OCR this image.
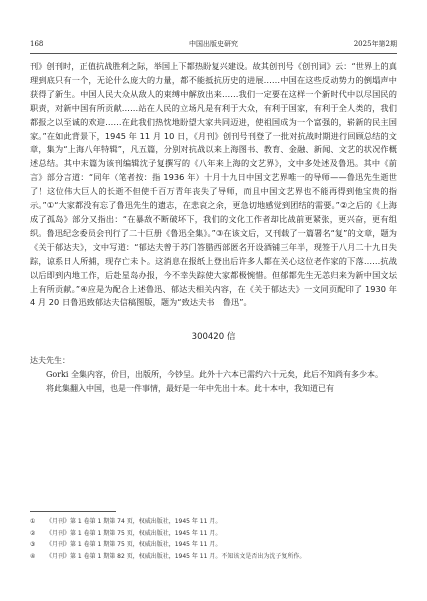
168	中国出版史研究	2025年第2期

刊》创刊时，正值抗战胜利之际，举国上下都热盼复兴建设。故其创刊号《创刊词》云：“世界上的真理到底只有一个，无论什么庞大的力量，都不能抵抗历史的进展……中国在这些反动势力的倒塌声中获得了新生。中国人民大众从敌人的束缚中解放出来……我们一定要在这样一个新时代中以尽国民的职责，对新中国有所贡献……站在人民的立场凡是有利于大众，有利于国家，有利于全人类的，我们都报之以至诚的欢迎……在此我们热忱地盼望大家共同迈进，使祖国成为一个富强的，崭新的民主国家。”在如此背景下，1945 年 11 月 10 日，《月刊》创刊号刊登了一批对抗战时期进行回顾总结的文章，集为“上海八年特辑”，凡五篇，分别对抗战以来上海图书、教育、金融、新闻、文艺的状况作概述总结。其中末篇为该刊编辑沈子复撰写的《八年来上海的文艺界》，文中多处述及鲁迅。其中《前言》部分言道：“同年（笔者按：指 1936 年）十月十九日中国文艺界唯一的导师——鲁迅先生逝世了！这位伟大巨人的长逝不但使千百万青年丧失了导师，而且中国文艺界也不能再得到他宝贵的指示。”①“大家都没有忘了鲁迅先生的遗志，在悲哀之余，更急切地感觉到团结的需要。”②之后的《上海成了孤岛》部分又指出：“在暴敌不断破坏下，我们的文化工作者却比战前更紧张，更兴奋，更有组织。鲁迅纪念委员会刊行了二十巨册《鲁迅全集》。”③在该文后，又刊载了一篇署名“复”的文章，题为《关于郁达夫》，文中写道：“郁达夫曾于苏门答腊西部匿名开设酒铺三年半，现签于八月二十九日失踪，谅系日人所捕，现存亡未卜。这消息在报纸上登出后许多人都在关心这位老作家的下落……抗战以后即到内地工作，后赴星岛办报，今不幸失踪使大家都极惋惜。但郁都先生无恙归来为新中国文坛上有所贡献。”④应是为配合上述鲁迅、郁达夫相关内容，在《关于郁达夫》一文同页配印了 1930 年 4 月 20 日鲁迅致郁达夫信稿图版，题为“致达夫书　鲁迅”。

300420 信

达夫先生：

Gorki 全集内容，价目，出版所，今钞呈。此外十六本已需约六十元矣，此后不知尚有多少本。

将此集翻入中国，也是一件事情，最好是一年中先出十本。此十本中，我知道已有

① 《月刊》第 1 卷第 1 期第 74 页，权威出版社，1945 年 11 月。
② 《月刊》第 1 卷第 1 期第 75 页，权威出版社，1945 年 11 月。
③ 《月刊》第 1 卷第 1 期第 75 页，权威出版社，1945 年 11 月。
④ 《月刊》第 1 卷第 1 期第 82 页，权威出版社，1945 年 11 月。不知该文是否出为沈子复所作。
